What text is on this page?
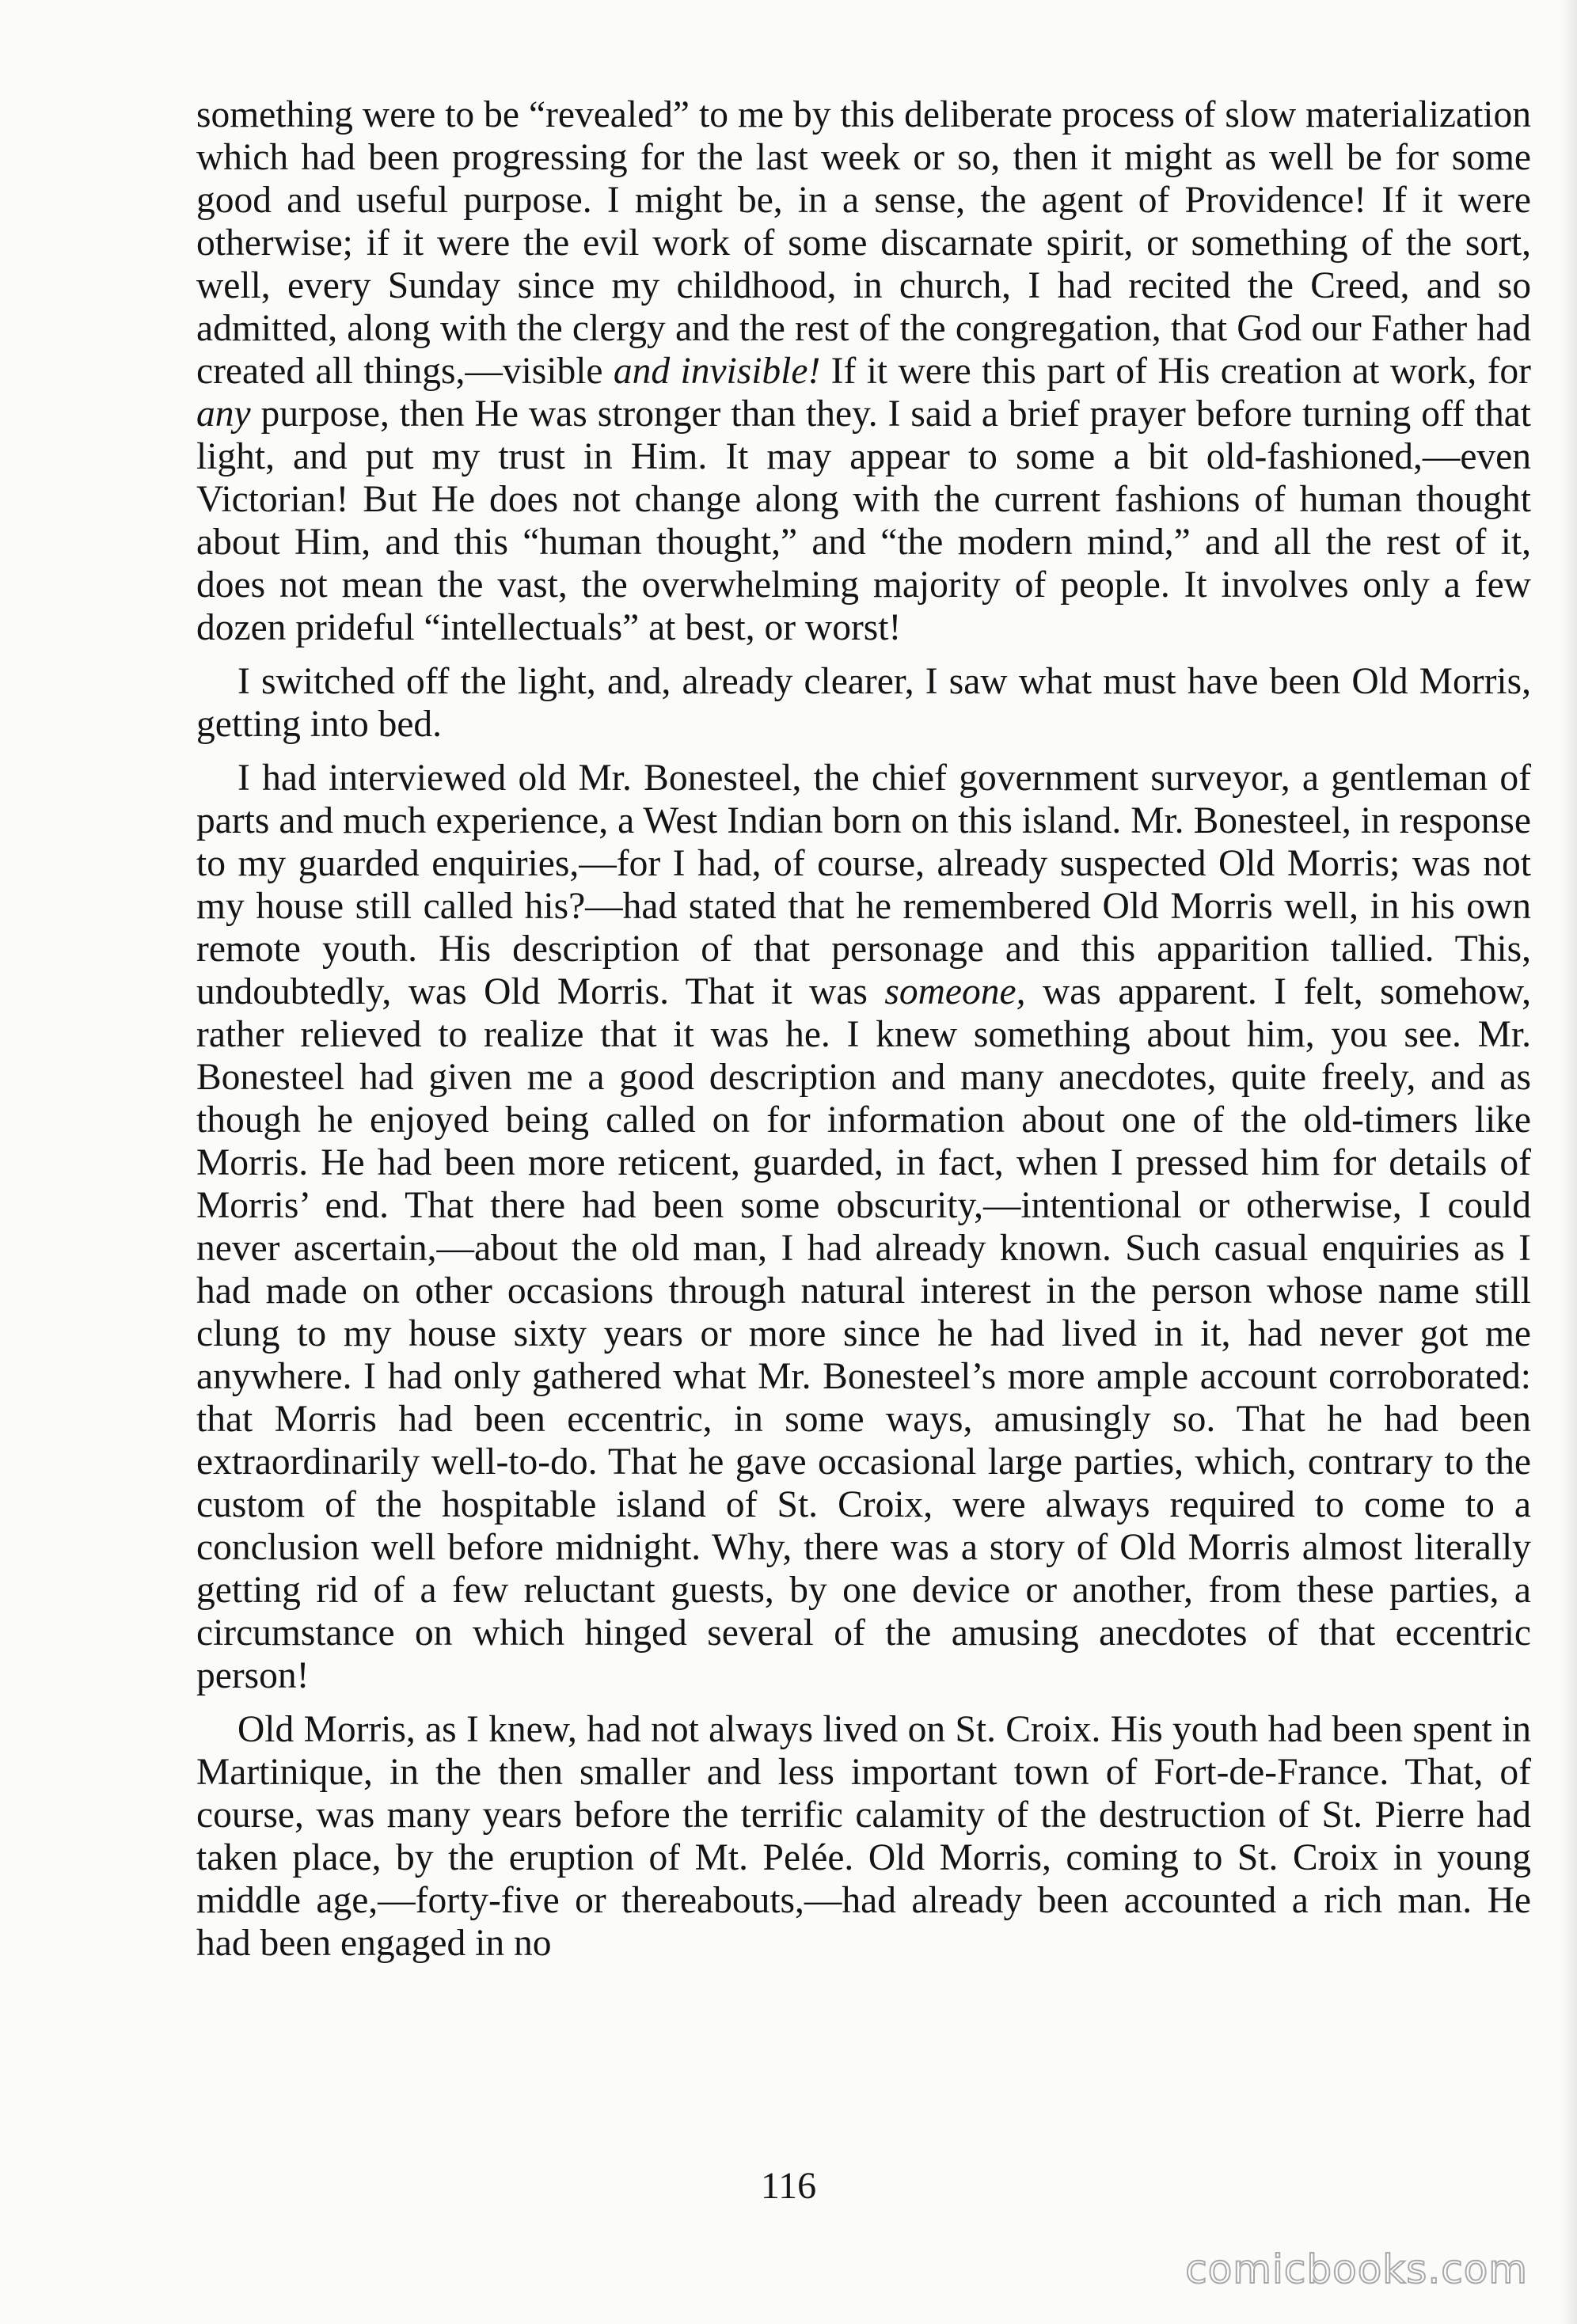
something were to be “revealed” to me by this deliberate process of slow materialization which had been progressing for the last week or so, then it might as well be for some good and useful purpose. I might be, in a sense, the agent of Providence! If it were otherwise; if it were the evil work of some discarnate spirit, or something of the sort, well, every Sunday since my childhood, in church, I had recited the Creed, and so admitted, along with the clergy and the rest of the congregation, that God our Father had created all things,—visible and invisible! If it were this part of His creation at work, for any purpose, then He was stronger than they. I said a brief prayer before turning off that light, and put my trust in Him. It may appear to some a bit old-fashioned,—even Victorian! But He does not change along with the current fashions of human thought about Him, and this “human thought,” and “the modern mind,” and all the rest of it, does not mean the vast, the overwhelming majority of people. It involves only a few dozen prideful “intellectuals” at best, or worst!

I switched off the light, and, already clearer, I saw what must have been Old Morris, getting into bed.

I had interviewed old Mr. Bonesteel, the chief government surveyor, a gentleman of parts and much experience, a West Indian born on this island. Mr. Bonesteel, in response to my guarded enquiries,—for I had, of course, already suspected Old Morris; was not my house still called his?—had stated that he remembered Old Morris well, in his own remote youth. His description of that personage and this apparition tallied. This, undoubtedly, was Old Morris. That it was someone, was apparent. I felt, somehow, rather relieved to realize that it was he. I knew something about him, you see. Mr. Bonesteel had given me a good description and many anecdotes, quite freely, and as though he enjoyed being called on for information about one of the old-timers like Morris. He had been more reticent, guarded, in fact, when I pressed him for details of Morris’ end. That there had been some obscurity,—intentional or otherwise, I could never ascertain,—about the old man, I had already known. Such casual enquiries as I had made on other occasions through natural interest in the person whose name still clung to my house sixty years or more since he had lived in it, had never got me anywhere. I had only gathered what Mr. Bonesteel’s more ample account corroborated: that Morris had been eccentric, in some ways, amusingly so. That he had been extraordinarily well-to-do. That he gave occasional large parties, which, contrary to the custom of the hospitable island of St. Croix, were always required to come to a conclusion well before midnight. Why, there was a story of Old Morris almost literally getting rid of a few reluctant guests, by one device or another, from these parties, a circumstance on which hinged several of the amusing anecdotes of that eccentric person!

Old Morris, as I knew, had not always lived on St. Croix. His youth had been spent in Martinique, in the then smaller and less important town of Fort-de-France. That, of course, was many years before the terrific calamity of the destruction of St. Pierre had taken place, by the eruption of Mt. Pelée. Old Morris, coming to St. Croix in young middle age,—forty-five or thereabouts,—had already been accounted a rich man. He had been engaged in no

116
comicbooks.com
